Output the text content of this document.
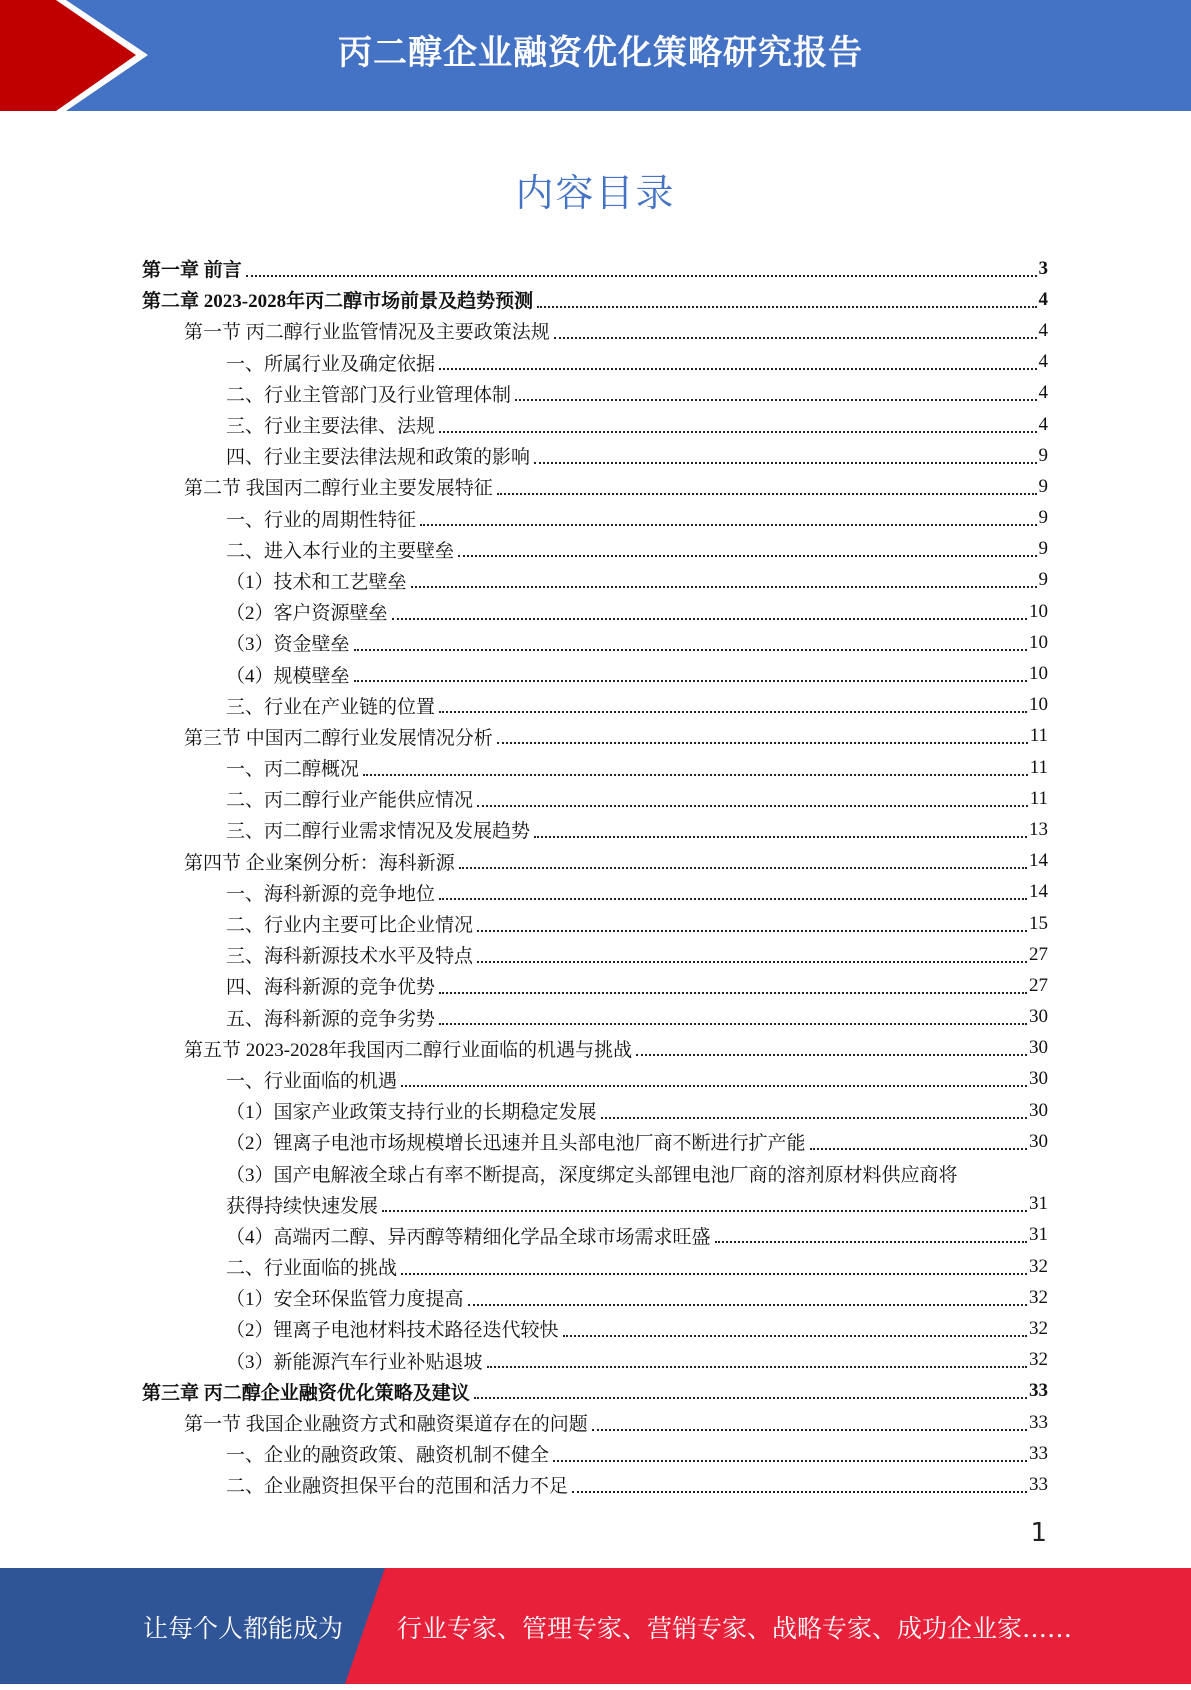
丙二醇企业融资优化策略研究报告
内容目录
第一章 前言	3
第二章 2023-2028年丙二醇市场前景及趋势预测	4
第一节 丙二醇行业监管情况及主要政策法规	4
一、所属行业及确定依据	4
二、行业主管部门及行业管理体制	4
三、行业主要法律、法规	4
四、行业主要法律法规和政策的影响	9
第二节 我国丙二醇行业主要发展特征	9
一、行业的周期性特征	9
二、进入本行业的主要壁垒	9
（1）技术和工艺壁垒	9
（2）客户资源壁垒	10
（3）资金壁垒	10
（4）规模壁垒	10
三、行业在产业链的位置	10
第三节 中国丙二醇行业发展情况分析	11
一、丙二醇概况	11
二、丙二醇行业产能供应情况	11
三、丙二醇行业需求情况及发展趋势	13
第四节 企业案例分析：海科新源	14
一、海科新源的竞争地位	14
二、行业内主要可比企业情况	15
三、海科新源技术水平及特点	27
四、海科新源的竞争优势	27
五、海科新源的竞争劣势	30
第五节 2023-2028年我国丙二醇行业面临的机遇与挑战	30
一、行业面临的机遇	30
（1）国家产业政策支持行业的长期稳定发展	30
（2）锂离子电池市场规模增长迅速并且头部电池厂商不断进行扩产能	30
（3）国产电解液全球占有率不断提高，深度绑定头部锂电池厂商的溶剂原材料供应商将
获得持续快速发展	31
（4）高端丙二醇、异丙醇等精细化学品全球市场需求旺盛	31
二、行业面临的挑战	32
（1）安全环保监管力度提高	32
（2）锂离子电池材料技术路径迭代较快	32
（3）新能源汽车行业补贴退坡	32
第三章 丙二醇企业融资优化策略及建议	33
第一节 我国企业融资方式和融资渠道存在的问题	33
一、企业的融资政策、融资机制不健全	33
二、企业融资担保平台的范围和活力不足	33
1
让每个人都能成为 行业专家、管理专家、营销专家、战略专家、成功企业家……
